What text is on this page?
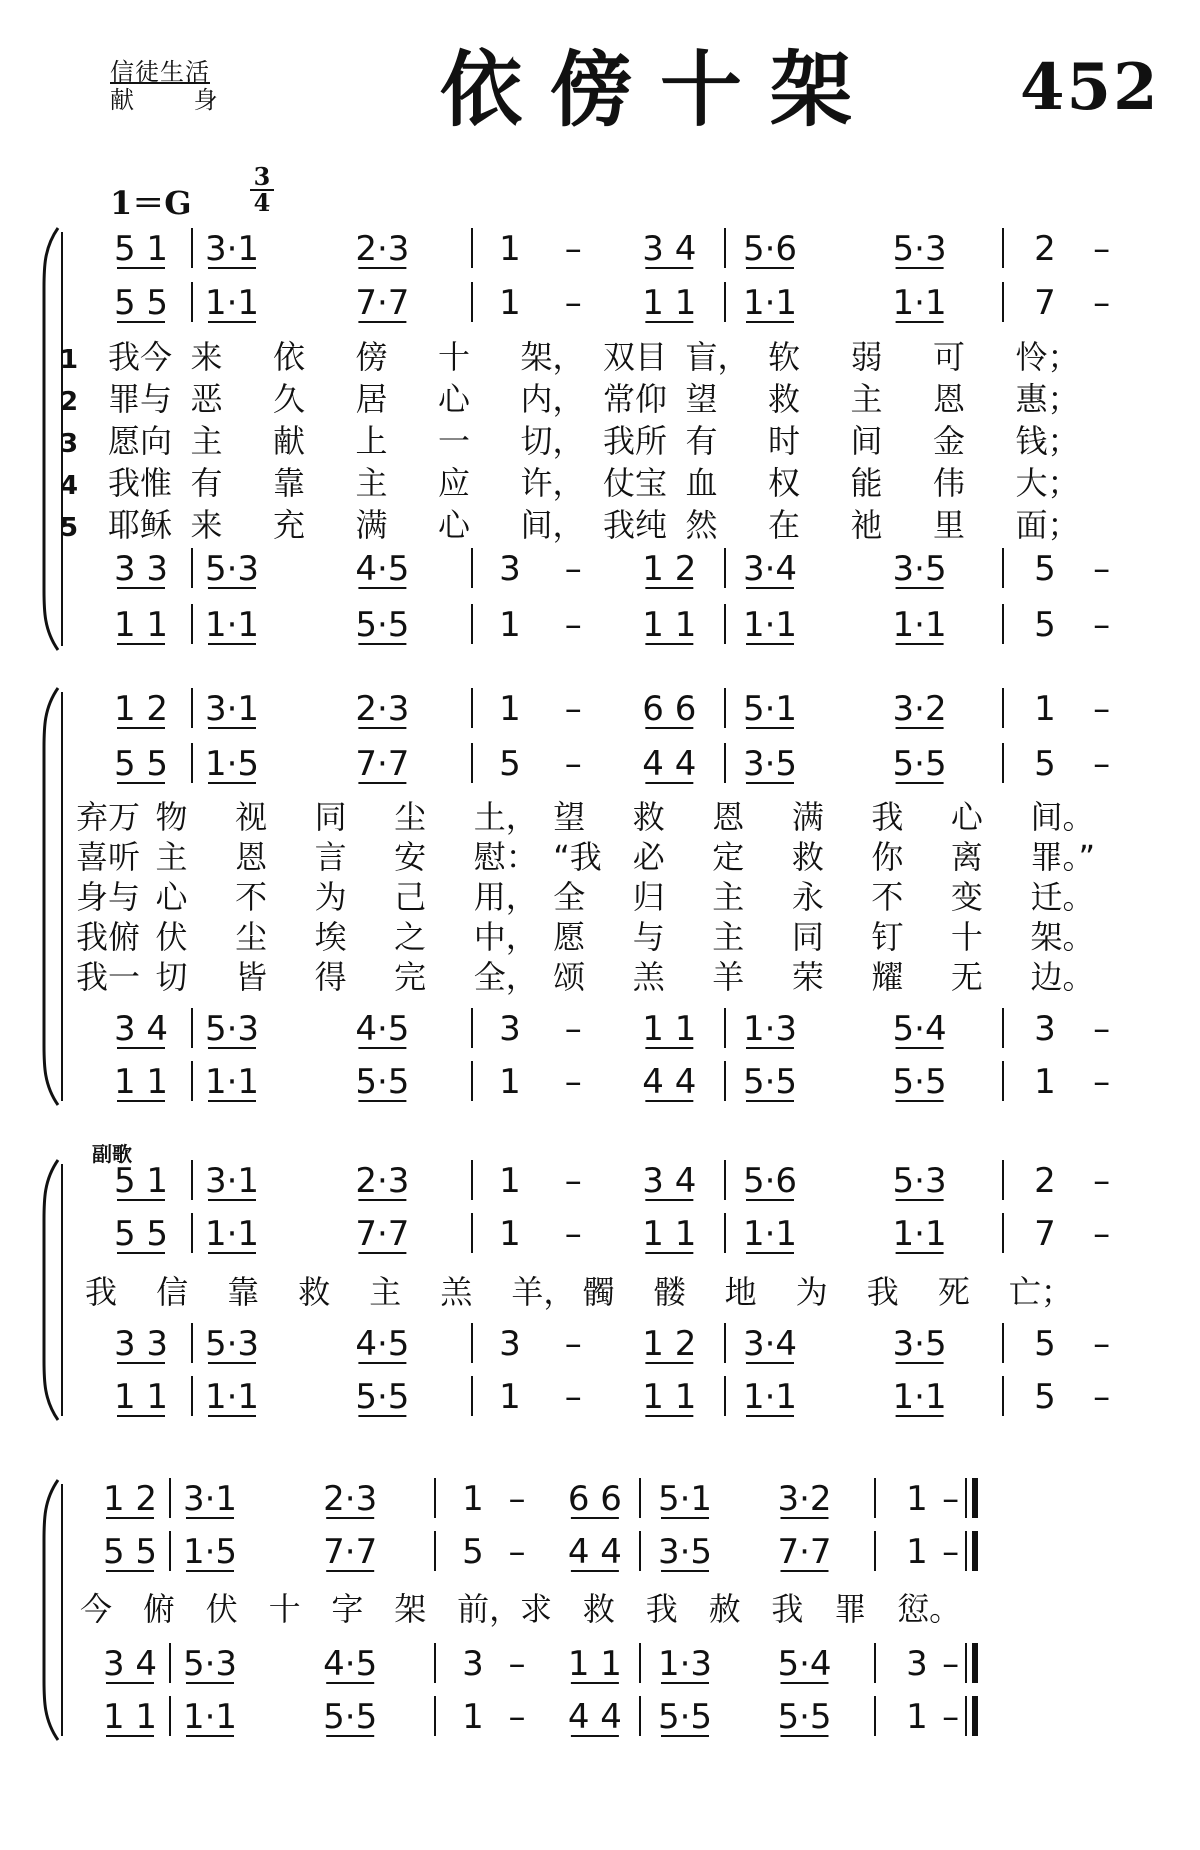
信徒生活
献 身 依傍十架 452
1＝G
3
4
副歌
5 1 3·1	2·3	1 – 3 4 5·6	5·3	2 –
5 5 1·1	7·7	1 – 1 1 1·1	1·1	7 –
3 3 5·3	4·5	3 – 1 2 3·4	3·5	5 –
1 1 1·1	5·5	1 – 1 1 1·1	1·1	5 –
1 我今 来 依 傍 十 架， 双目 盲， 软 弱 可 怜；
2 罪与 恶 久 居 心 内， 常仰 望 救 主 恩 惠；
3 愿向 主 献 上 一 切， 我所 有 时 间 金 钱；
4 我惟 有 靠 主 应 许， 仗宝 血 权 能 伟 大；
5 耶稣 来 充 满 心 间， 我纯 然 在 祂 里 面；
1 2 3·1	2·3	1 – 6 6 5·1	3·2	1 –
5 5 1·5	7·7	5 – 4 4 3·5	5·5	5 –
3 4 5·3	4·5	3 – 1 1 1·3	5·4	3 –
1 1 1·1	5·5	1 – 4 4 5·5	5·5	1 –
弃万 物 视 同 尘 土， 望 救 恩 满 我 心 间。
喜听 主 恩 言 安 慰： “我 必 定 救 你 离 罪。”
身与 心 不 为 己 用， 全 归 主 永 不 变 迁。
我俯 伏 尘 埃 之 中， 愿 与 主 同 钉 十 架。
我一 切 皆 得 完 全， 颂 羔 羊 荣 耀 无 边。
5 1 3·1	2·3	1 – 3 4 5·6	5·3	2 –
5 5 1·1	7·7	1 – 1 1 1·1	1·1	7 –
3 3 5·3	4·5	3 – 1 2 3·4	3·5	5 –
1 1 1·1	5·5	1 – 1 1 1·1	1·1	5 –
我 信 靠 救 主 羔 羊， 髑 髅 地 为 我 死 亡；
1 2 3·1	2·3 1 – 6 6 5·1 3·2 1 –
5 5 1·5	7·7 5 – 4 4 3·5 7·7 1 –
3 4 5·3	4·5 3 – 1 1 1·3 5·4 3 –
1 1 1·1	5·5 1 – 4 4 5·5 5·5 1 –
今 俯 伏 十 字 架 前，
求 救 我 赦 我 罪 愆。
